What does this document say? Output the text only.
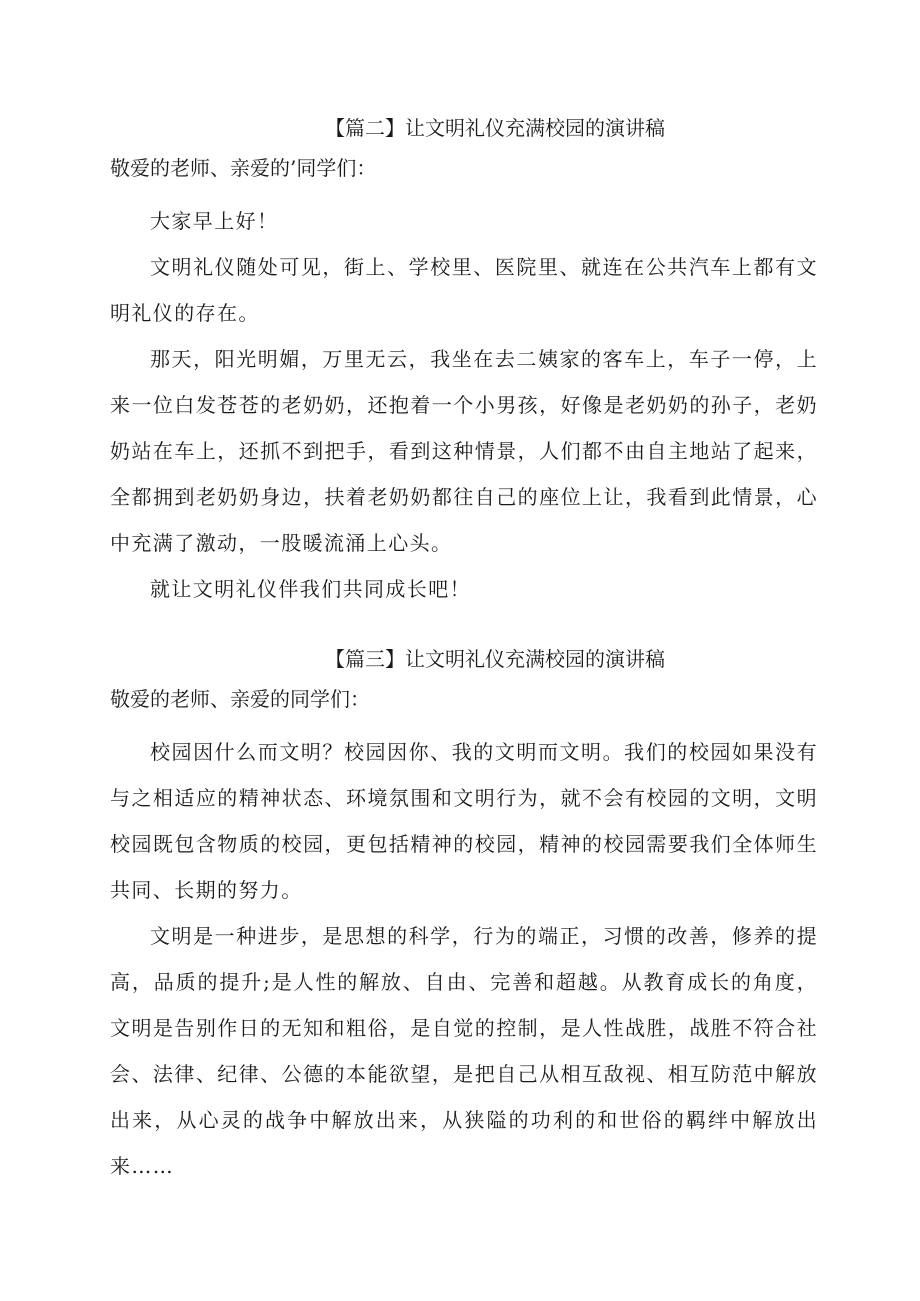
【篇二】让文明礼仪充满校园的演讲稿
敬爱的老师、亲爱的’同学们：

大家早上好！

文明礼仪随处可见，街上、学校里、医院里、就连在公共汽车上都有文明礼仪的存在。

那天，阳光明媚，万里无云，我坐在去二姨家的客车上，车子一停，上来一位白发苍苍的老奶奶，还抱着一个小男孩，好像是老奶奶的孙子，老奶奶站在车上，还抓不到把手，看到这种情景，人们都不由自主地站了起来，全都拥到老奶奶身边，扶着老奶奶都往自己的座位上让，我看到此情景，心中充满了激动，一股暖流涌上心头。

就让文明礼仪伴我们共同成长吧！

【篇三】让文明礼仪充满校园的演讲稿
敬爱的老师、亲爱的同学们：

校园因什么而文明？校园因你、我的文明而文明。我们的校园如果没有与之相适应的精神状态、环境氛围和文明行为，就不会有校园的文明，文明校园既包含物质的校园，更包括精神的校园，精神的校园需要我们全体师生共同、长期的努力。

文明是一种进步，是思想的科学，行为的端正，习惯的改善，修养的提高，品质的提升;是人性的解放、自由、完善和超越。从教育成长的角度，文明是告别作日的无知和粗俗，是自觉的控制，是人性战胜，战胜不符合社会、法律、纪律、公德的本能欲望，是把自己从相互敌视、相互防范中解放出来，从心灵的战争中解放出来，从狭隘的功利的和世俗的羁绊中解放出来……
